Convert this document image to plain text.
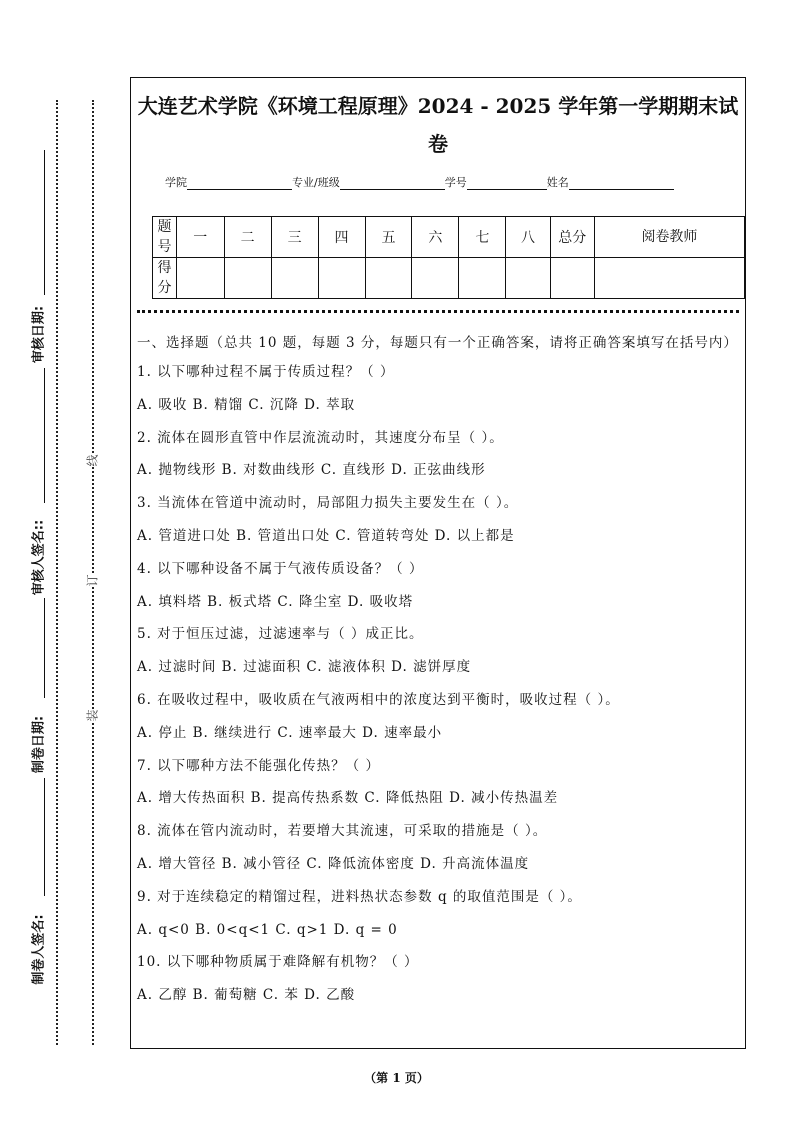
审核日期:
审核人签名::
制卷日期:
制卷人签名:
线
订
装
大连艺术学院《环境工程原理》2024 - 2025 学年第一学期期末试
卷
学院	专业/班级	学号	姓名
题号	一	二	三	四	五	六	七	八	总分	阅卷教师
得分										
一、选择题（总共 10 题，每题 3 分，每题只有一个正确答案，请将正确答案填写在括号内）
1. 以下哪种过程不属于传质过程？（ ）
A. 吸收 B. 精馏 C. 沉降 D. 萃取
2. 流体在圆形直管中作层流流动时，其速度分布呈（ ）。
A. 抛物线形 B. 对数曲线形 C. 直线形 D. 正弦曲线形
3. 当流体在管道中流动时，局部阻力损失主要发生在（ ）。
A. 管道进口处 B. 管道出口处 C. 管道转弯处 D. 以上都是
4. 以下哪种设备不属于气液传质设备？（ ）
A. 填料塔 B. 板式塔 C. 降尘室 D. 吸收塔
5. 对于恒压过滤，过滤速率与（ ）成正比。
A. 过滤时间 B. 过滤面积 C. 滤液体积 D. 滤饼厚度
6. 在吸收过程中，吸收质在气液两相中的浓度达到平衡时，吸收过程（ ）。
A. 停止 B. 继续进行 C. 速率最大 D. 速率最小
7. 以下哪种方法不能强化传热？（ ）
A. 增大传热面积 B. 提高传热系数 C. 降低热阻 D. 减小传热温差
8. 流体在管内流动时，若要增大其流速，可采取的措施是（ ）。
A. 增大管径 B. 减小管径 C. 降低流体密度 D. 升高流体温度
9. 对于连续稳定的精馏过程，进料热状态参数 q 的取值范围是（ ）。
A. q<0 B. 0<q<1 C. q>1 D. q = 0
10. 以下哪种物质属于难降解有机物？（ ）
A. 乙醇 B. 葡萄糖 C. 苯 D. 乙酸
（第 1 页）
